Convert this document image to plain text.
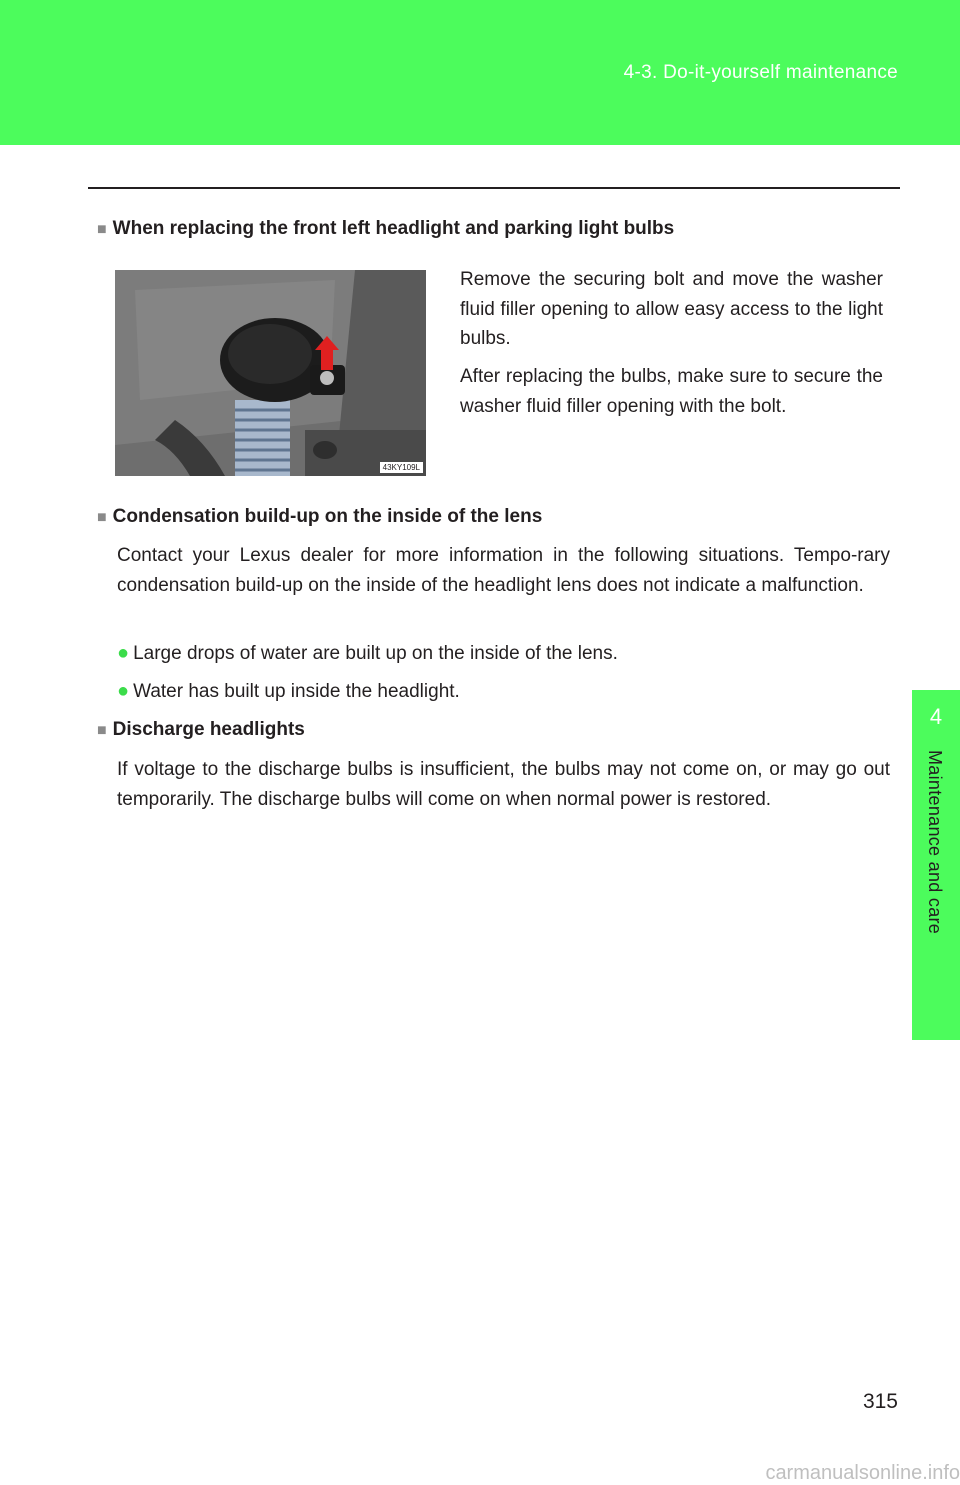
4-3. Do-it-yourself maintenance
4
Maintenance and care
■ When replacing the front left headlight and parking light bulbs
43KY109L
Remove the securing bolt and move the washer fluid filler opening to allow easy access to the light bulbs.
After replacing the bulbs, make sure to secure the washer fluid filler opening with the bolt.
■ Condensation build-up on the inside of the lens
Contact your Lexus dealer for more information in the following situations. Tempo-rary condensation build-up on the inside of the headlight lens does not indicate a malfunction.
● Large drops of water are built up on the inside of the lens.
● Water has built up inside the headlight.
■ Discharge headlights
If voltage to the discharge bulbs is insufficient, the bulbs may not come on, or may go out temporarily. The discharge bulbs will come on when normal power is restored.
315
carmanualsonline.info
